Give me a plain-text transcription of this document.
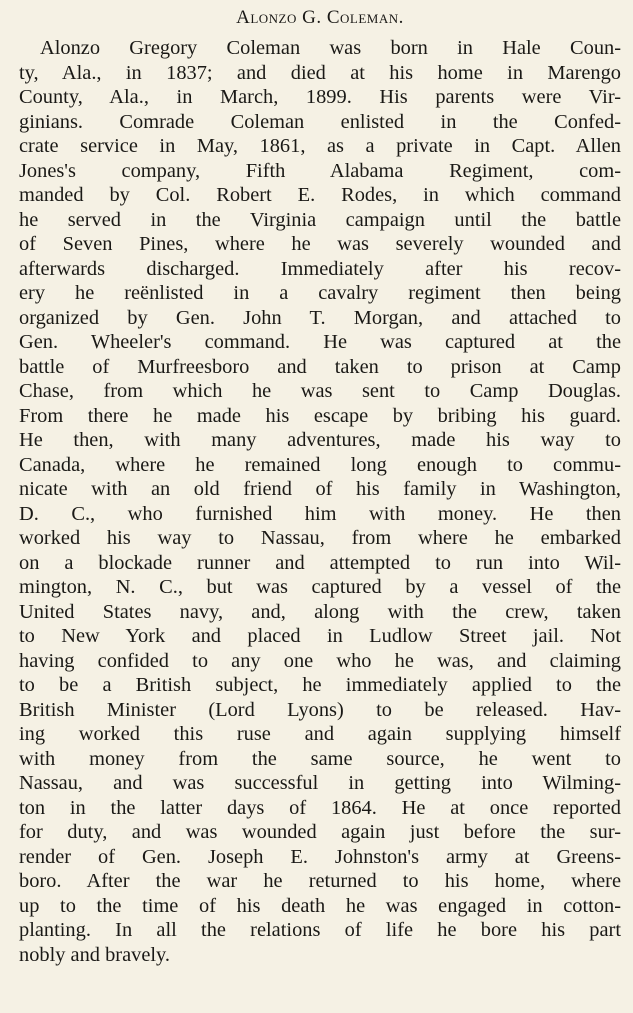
Alonzo G. Coleman.
Alonzo Gregory Coleman was born in Hale Coun-
ty, Ala., in 1837; and died at his home in Marengo
County, Ala., in March, 1899. His parents were Vir-
ginians. Comrade Coleman enlisted in the Confed-
crate service in May, 1861, as a private in Capt. Allen
Jones's company, Fifth Alabama Regiment, com-
manded by Col. Robert E. Rodes, in which command
he served in the Virginia campaign until the battle
of Seven Pines, where he was severely wounded and
afterwards discharged. Immediately after his recov-
ery he reënlisted in a cavalry regiment then being
organized by Gen. John T. Morgan, and attached to
Gen. Wheeler's command. He was captured at the
battle of Murfreesboro and taken to prison at Camp
Chase, from which he was sent to Camp Douglas.
From there he made his escape by bribing his guard.
He then, with many adventures, made his way to
Canada, where he remained long enough to commu-
nicate with an old friend of his family in Washington,
D. C., who furnished him with money. He then
worked his way to Nassau, from where he embarked
on a blockade runner and attempted to run into Wil-
mington, N. C., but was captured by a vessel of the
United States navy, and, along with the crew, taken
to New York and placed in Ludlow Street jail. Not
having confided to any one who he was, and claiming
to be a British subject, he immediately applied to the
British Minister (Lord Lyons) to be released. Hav-
ing worked this ruse and again supplying himself
with money from the same source, he went to
Nassau, and was successful in getting into Wilming-
ton in the latter days of 1864. He at once reported
for duty, and was wounded again just before the sur-
render of Gen. Joseph E. Johnston's army at Greens-
boro. After the war he returned to his home, where
up to the time of his death he was engaged in cotton-
planting. In all the relations of life he bore his part
nobly and bravely.
